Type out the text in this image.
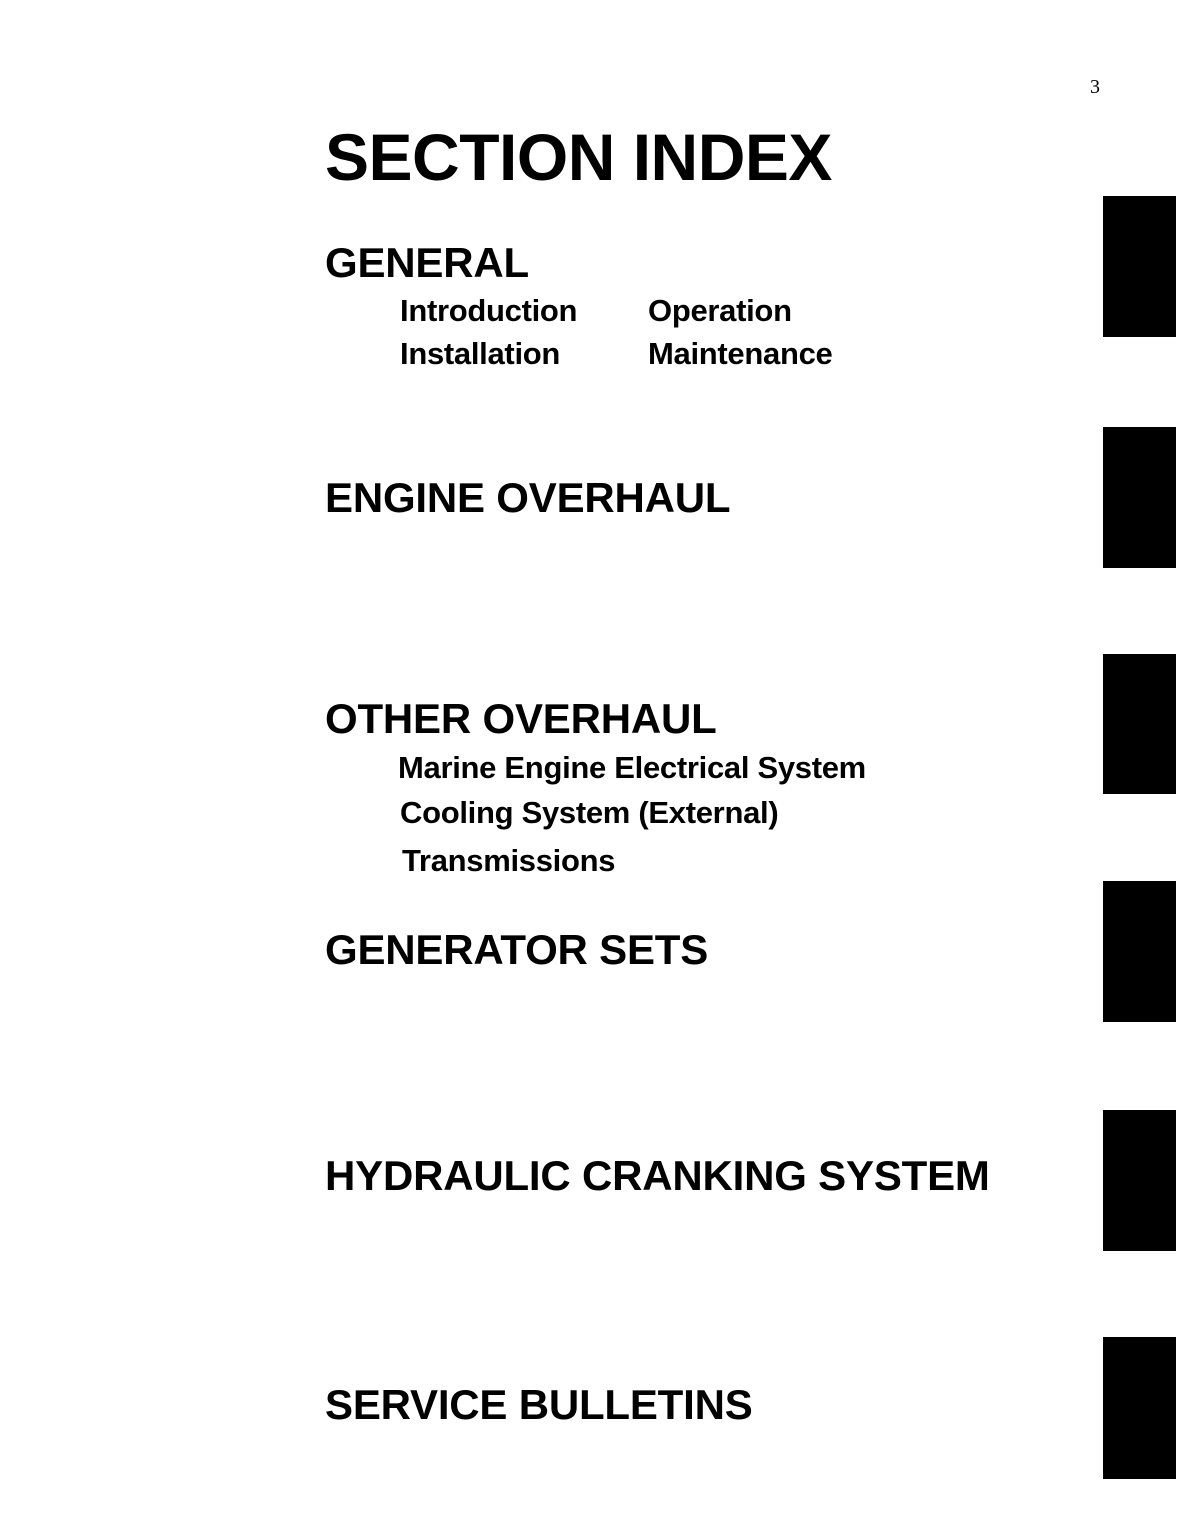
3
SECTION INDEX
GENERAL
Introduction
Installation
Operation
Maintenance
ENGINE OVERHAUL
OTHER OVERHAUL
Marine Engine Electrical System
Cooling System (External)
Transmissions
GENERATOR SETS
HYDRAULIC CRANKING SYSTEM
SERVICE BULLETINS
